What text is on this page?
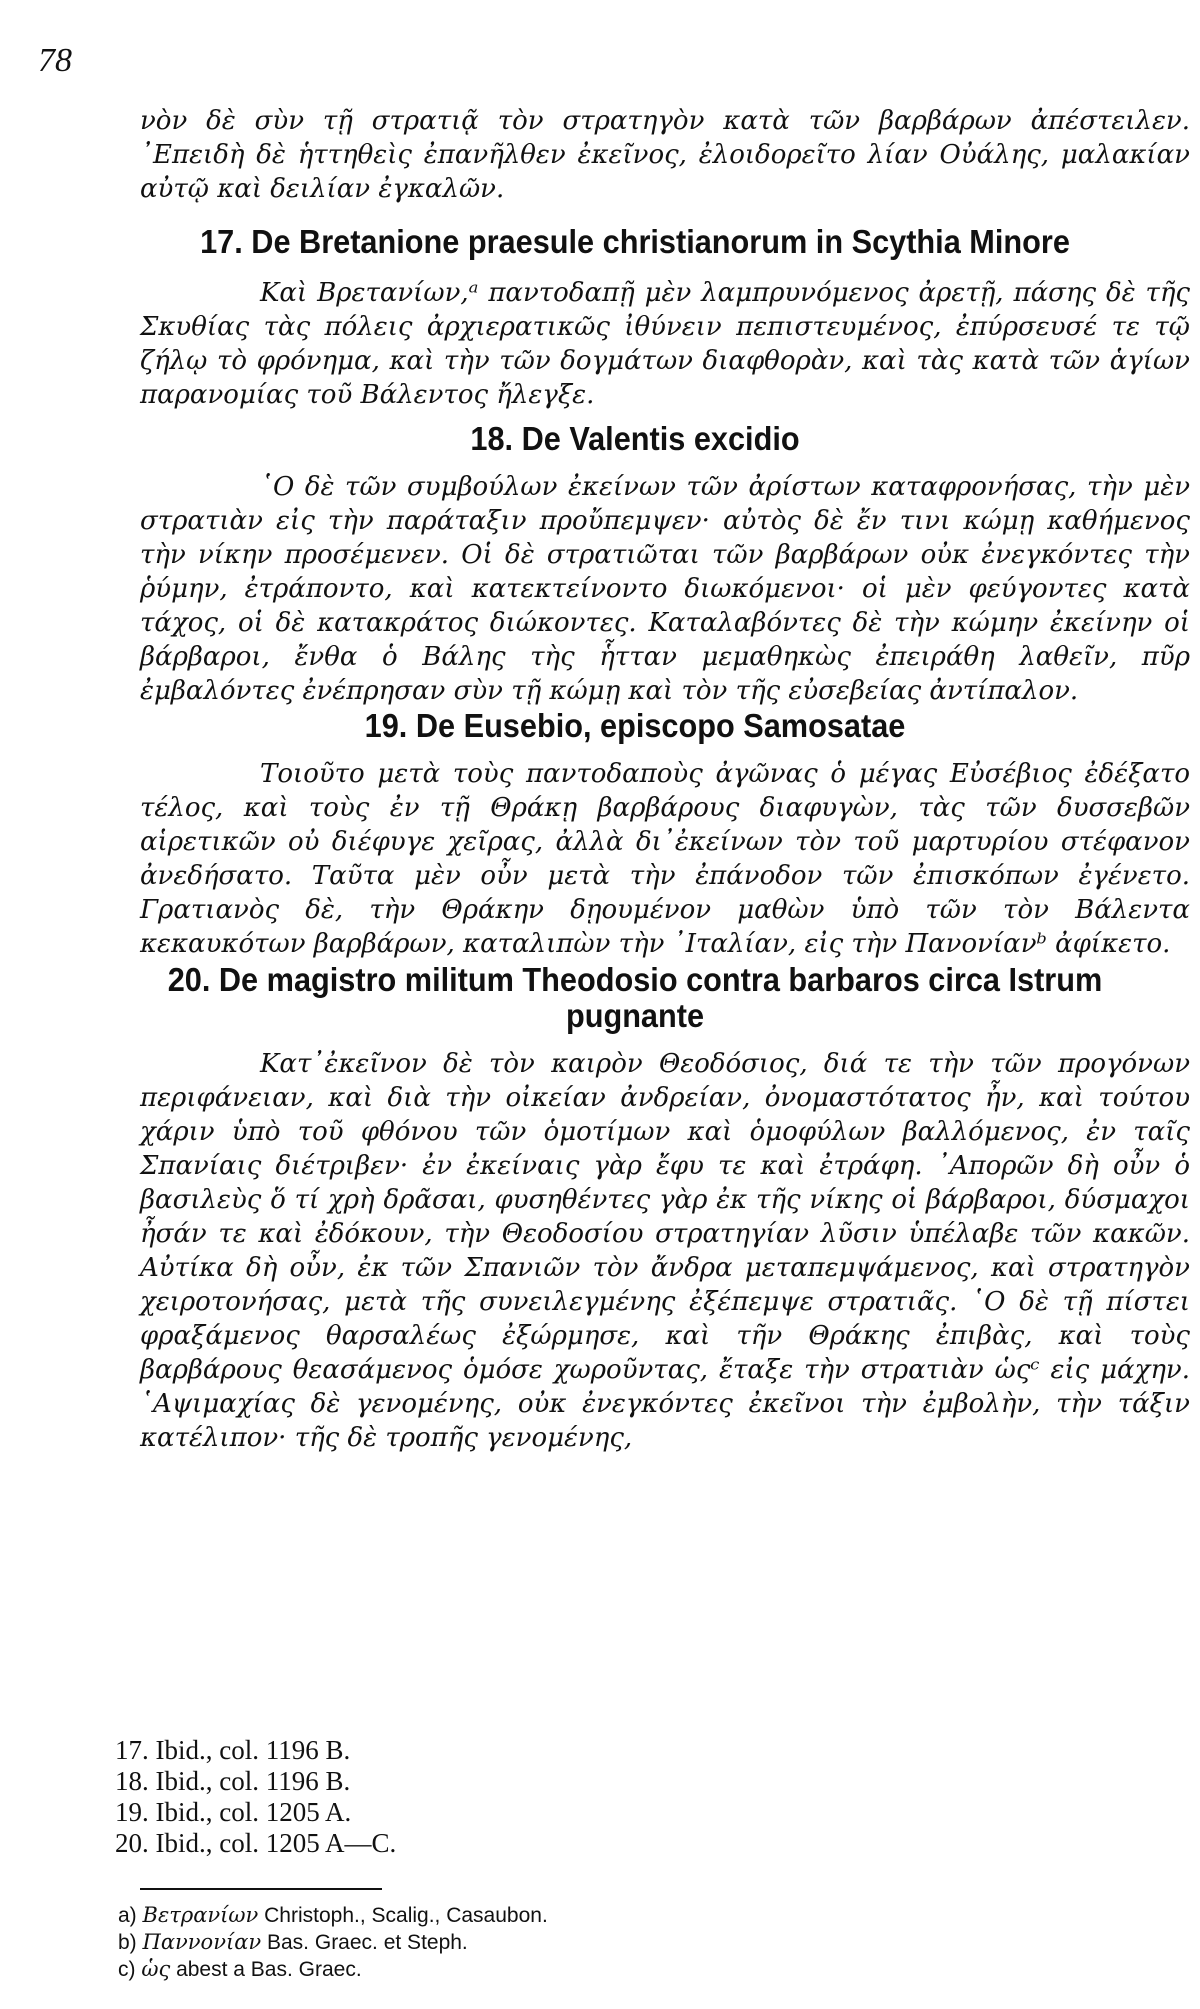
78
νὸν δὲ σὺν τῇ στρατιᾷ τὸν στρατηγὸν κατὰ τῶν βαρβάρων ἀπέστειλεν. ᾿Επειδὴ δὲ ἡττηθεὶς ἐπανῆλθεν ἐκεῖνος, ἐλοιδορεῖτο λίαν Οὐάλης, μαλακίαν αὐτῷ καὶ δειλίαν ἐγκαλῶν.
17. De Bretanione praesule christianorum in Scythia Minore
Καὶ Βρετανίων,ᵃ παντοδαπῇ μὲν λαμπρυνόμενος ἀρετῇ, πάσης δὲ τῆς Σκυθίας τὰς πόλεις ἀρχιερατικῶς ἰθύνειν πεπιστευμένος, ἐπύρσευσέ τε τῷ ζήλῳ τὸ φρόνημα, καὶ τὴν τῶν δογμάτων διαφθορὰν, καὶ τὰς κατὰ τῶν ἁγίων παρανομίας τοῦ Βάλεντος ἤλεγξε.
18. De Valentis excidio
῾Ο δὲ τῶν συμβούλων ἐκείνων τῶν ἀρίστων καταφρονήσας, τὴν μὲν στρατιὰν εἰς τὴν παράταξιν προὔπεμψεν· αὐτὸς δὲ ἔν τινι κώμῃ καθήμενος τὴν νίκην προσέμενεν. Οἱ δὲ στρατιῶται τῶν βαρβάρων οὐκ ἐνεγκόντες τὴν ῥύμην, ἐτράποντο, καὶ κατεκτείνοντο διωκόμενοι· οἱ μὲν φεύγοντες κατὰ τάχος, οἱ δὲ κατακράτος διώκοντες. Καταλαβόντες δὲ τὴν κώμην ἐκείνην οἱ βάρβαροι, ἔνθα ὁ Βάλης τὴς ἧτταν μεμαθηκὼς ἐπειράθη λαθεῖν, πῦρ ἐμβαλόντες ἐνέπρησαν σὺν τῇ κώμῃ καὶ τὸν τῆς εὐσεβείας ἀντίπαλον.
19. De Eusebio, episcopo Samosatae
Τοιοῦτο μετὰ τοὺς παντοδαποὺς ἀγῶνας ὁ μέγας Εὐσέβιος ἐδέξατο τέλος, καὶ τοὺς ἐν τῇ Θράκῃ βαρβάρους διαφυγὼν, τὰς τῶν δυσσεβῶν αἱρετικῶν οὐ διέφυγε χεῖρας, ἀλλὰ δι᾿ἐκείνων τὸν τοῦ μαρτυρίου στέφανον ἀνεδήσατο. Ταῦτα μὲν οὖν μετὰ τὴν ἐπάνοδον τῶν ἐπισκόπων ἐγένετο. Γρατιανὸς δὲ, τὴν Θράκην δῃουμένον μαθὼν ὑπὸ τῶν τὸν Βάλεντα κεκαυκότων βαρβάρων, καταλιπὼν τὴν ᾿Ιταλίαν, εἰς τὴν Πανονίανᵇ ἀφίκετο.
20. De magistro militum Theodosio contra barbaros circa Istrum pugnante
Κατ᾿ἐκεῖνον δὲ τὸν καιρὸν Θεοδόσιος, διά τε τὴν τῶν προγόνων περιφάνειαν, καὶ διὰ τὴν οἰκείαν ἀνδρείαν, ὀνομαστότατος ἦν, καὶ τούτου χάριν ὑπὸ τοῦ φθόνου τῶν ὁμοτίμων καὶ ὁμοφύλων βαλλόμενος, ἐν ταῖς Σπανίαις διέτριβεν· ἐν ἐκείναις γὰρ ἔφυ τε καὶ ἐτράφη. ᾿Απορῶν δὴ οὖν ὁ βασιλεὺς ὅ τί χρὴ δρᾶσαι, φυσηθέντες γὰρ ἐκ τῆς νίκης οἱ βάρβαροι, δύσμαχοι ἦσάν τε καὶ ἐδόκουν, τὴν Θεοδοσίου στρατηγίαν λῦσιν ὑπέλαβε τῶν κακῶν. Αὐτίκα δὴ οὖν, ἐκ τῶν Σπανιῶν τὸν ἄνδρα μεταπεμψάμενος, καὶ στρατηγὸν χειροτονήσας, μετὰ τῆς συνειλεγμένης ἐξέπεμψε στρατιᾶς. ῾Ο δὲ τῇ πίστει φραξάμενος θαρσαλέως ἐξώρμησε, καὶ τῆν Θράκης ἐπιβὰς, καὶ τοὺς βαρβάρους θεασάμενος ὁμόσε χωροῦντας, ἔταξε τὴν στρατιὰν ὡςᶜ εἰς μάχην. ῾Αψιμαχίας δὲ γενομένης, οὐκ ἐνεγκόντες ἐκεῖνοι τὴν ἐμβολὴν, τὴν τάξιν κατέλιπον· τῆς δὲ τροπῆς γενομένης,
17. Ibid., col. 1196 B.
18. Ibid., col. 1196 B.
19. Ibid., col. 1205 A.
20. Ibid., col. 1205 A—C.
a) Βετρανίων Christoph., Scalig., Casaubon.
b) Παννονίαν Bas. Graec. et Steph.
c) ὡς abest a Bas. Graec.
